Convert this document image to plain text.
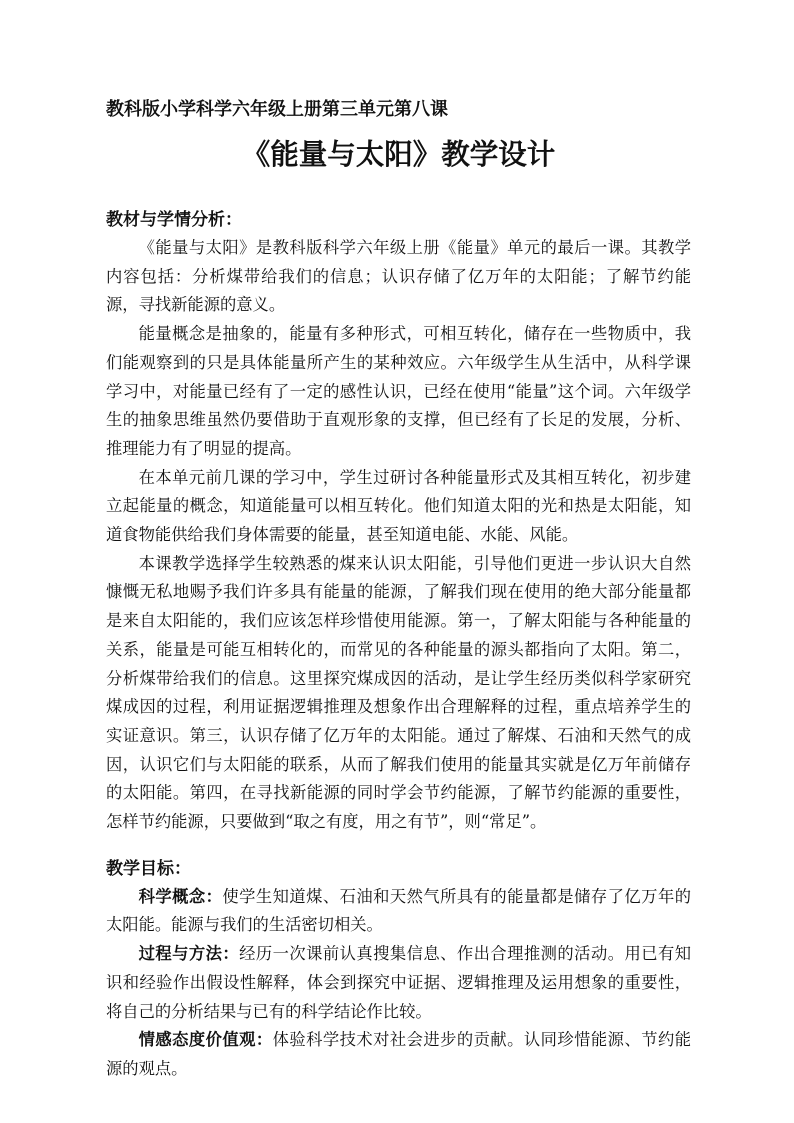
教科版小学科学六年级上册第三单元第八课

《能量与太阳》教学设计
教材与学情分析：

《能量与太阳》是教科版科学六年级上册《能量》单元的最后一课。其教学内容包括：分析煤带给我们的信息；认识存储了亿万年的太阳能；了解节约能源，寻找新能源的意义。

能量概念是抽象的，能量有多种形式，可相互转化，储存在一些物质中，我们能观察到的只是具体能量所产生的某种效应。六年级学生从生活中，从科学课学习中，对能量已经有了一定的感性认识，已经在使用“能量”这个词。六年级学生的抽象思维虽然仍要借助于直观形象的支撑，但已经有了长足的发展，分析、推理能力有了明显的提高。

在本单元前几课的学习中，学生过研讨各种能量形式及其相互转化，初步建立起能量的概念，知道能量可以相互转化。他们知道太阳的光和热是太阳能，知道食物能供给我们身体需要的能量，甚至知道电能、水能、风能。

本课教学选择学生较熟悉的煤来认识太阳能，引导他们更进一步认识大自然慷慨无私地赐予我们许多具有能量的能源，了解我们现在使用的绝大部分能量都是来自太阳能的，我们应该怎样珍惜使用能源。第一，了解太阳能与各种能量的关系，能量是可能互相转化的，而常见的各种能量的源头都指向了太阳。第二，分析煤带给我们的信息。这里探究煤成因的活动，是让学生经历类似科学家研究煤成因的过程，利用证据逻辑推理及想象作出合理解释的过程，重点培养学生的实证意识。第三，认识存储了亿万年的太阳能。通过了解煤、石油和天然气的成因，认识它们与太阳能的联系，从而了解我们使用的能量其实就是亿万年前储存的太阳能。第四，在寻找新能源的同时学会节约能源，了解节约能源的重要性，怎样节约能源，只要做到“取之有度，用之有节”，则“常足”。

教学目标：

科学概念：使学生知道煤、石油和天然气所具有的能量都是储存了亿万年的太阳能。能源与我们的生活密切相关。

过程与方法：经历一次课前认真搜集信息、作出合理推测的活动。用已有知识和经验作出假设性解释，体会到探究中证据、逻辑推理及运用想象的重要性，将自己的分析结果与已有的科学结论作比较。

情感态度价值观：体验科学技术对社会进步的贡献。认同珍惜能源、节约能源的观点。
